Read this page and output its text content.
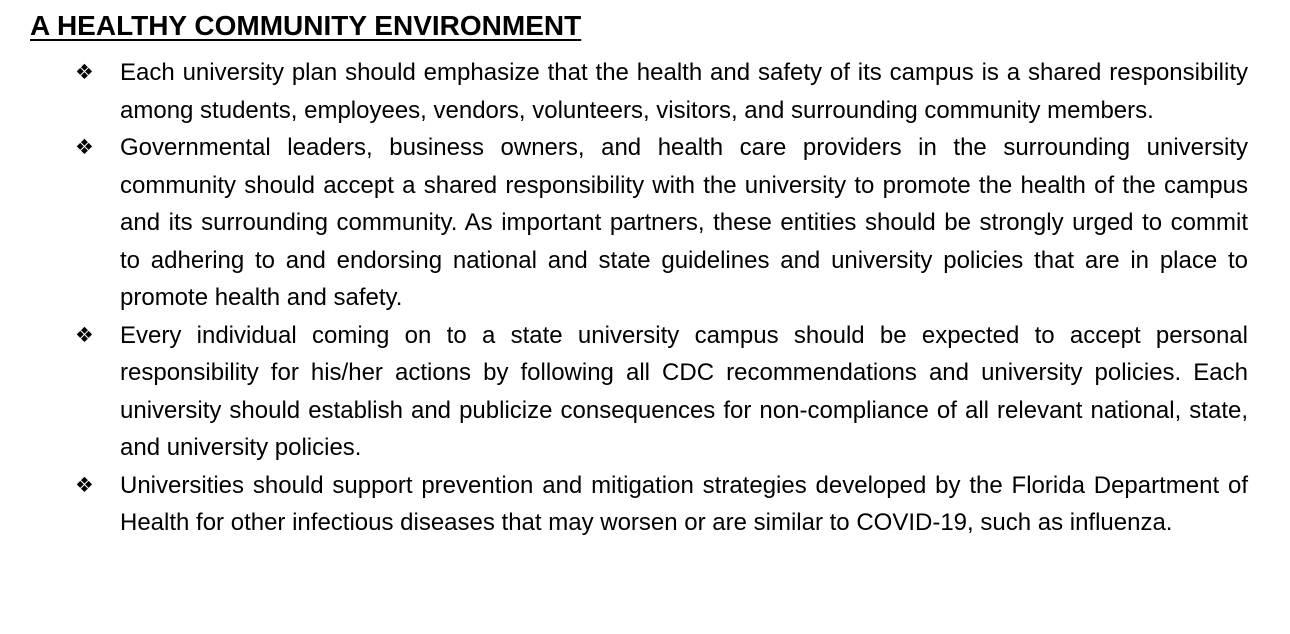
A HEALTHY COMMUNITY ENVIRONMENT
❖ Each university plan should emphasize that the health and safety of its campus is a shared responsibility among students, employees, vendors, volunteers, visitors, and surrounding community members.
❖ Governmental leaders, business owners, and health care providers in the surrounding university community should accept a shared responsibility with the university to promote the health of the campus and its surrounding community. As important partners, these entities should be strongly urged to commit to adhering to and endorsing national and state guidelines and university policies that are in place to promote health and safety.
❖ Every individual coming on to a state university campus should be expected to accept personal responsibility for his/her actions by following all CDC recommendations and university policies. Each university should establish and publicize consequences for non-compliance of all relevant national, state, and university policies.
❖ Universities should support prevention and mitigation strategies developed by the Florida Department of Health for other infectious diseases that may worsen or are similar to COVID-19, such as influenza.
